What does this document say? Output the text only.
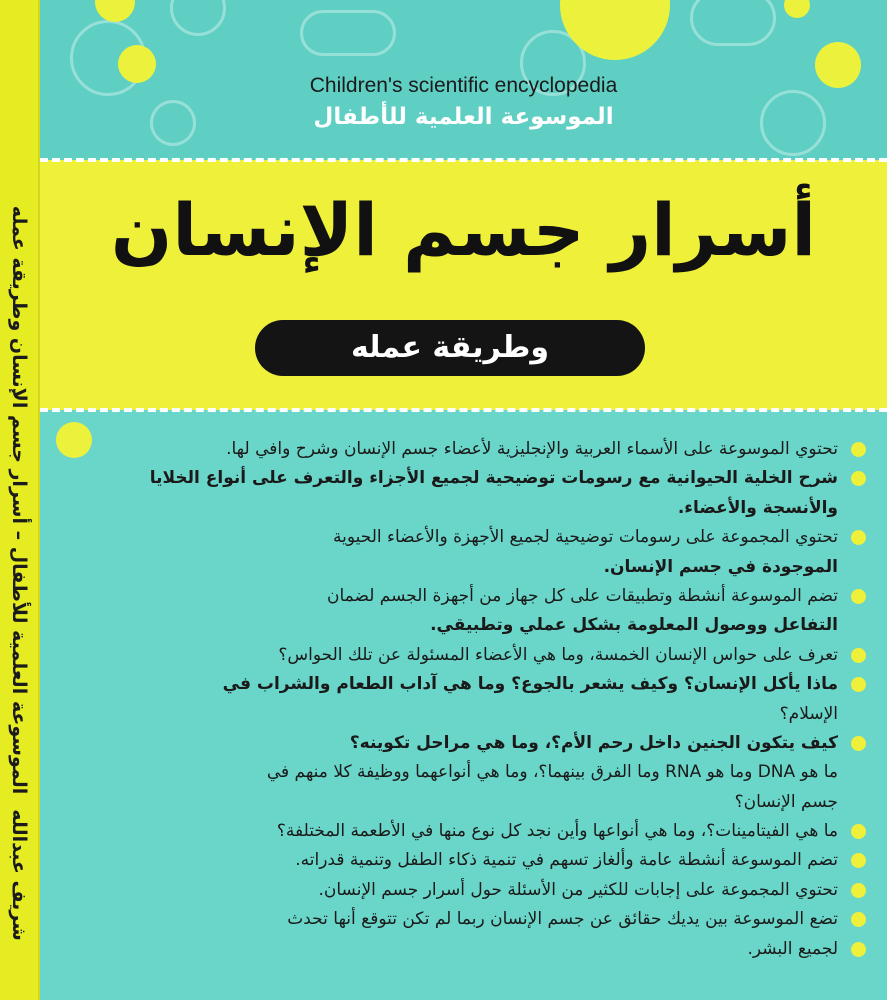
الموسوعة العلمية للأطفال – أسرار جسم الإنسان وطريقة عمله
شريف عبدالله
Children's scientific encyclopedia
الموسوعة العلمية للأطفال
أسرار جسم الإنسان
وطريقة عمله
تحتوي الموسوعة على الأسماء العربية والإنجليزية لأعضاء جسم الإنسان وشرح وافي لها.
شرح الخلية الحيوانية مع رسومات توضيحية لجميع الأجزاء والتعرف على أنواع الخلايا
والأنسجة والأعضاء.
تحتوي المجموعة على رسومات توضيحية لجميع الأجهزة والأعضاء الحيوية
الموجودة في جسم الإنسان.
تضم الموسوعة أنشطة وتطبيقات على كل جهاز من أجهزة الجسم لضمان
التفاعل ووصول المعلومة بشكل عملي وتطبيقي.
تعرف على حواس الإنسان الخمسة، وما هي الأعضاء المسئولة عن تلك الحواس؟
ماذا يأكل الإنسان؟ وكيف يشعر بالجوع؟ وما هي آداب الطعام والشراب في
الإسلام؟
كيف يتكون الجنين داخل رحم الأم؟، وما هي مراحل تكوينه؟
ما هو DNA وما هو RNA وما الفرق بينهما؟، وما هي أنواعهما ووظيفة كلا منهم في
جسم الإنسان؟
ما هي الفيتامينات؟، وما هي أنواعها وأين نجد كل نوع منها في الأطعمة المختلفة؟
تضم الموسوعة أنشطة عامة وألغاز تسهم في تنمية ذكاء الطفل وتنمية قدراته.
تحتوي المجموعة على إجابات للكثير من الأسئلة حول أسرار جسم الإنسان.
تضع الموسوعة بين يديك حقائق عن جسم الإنسان ربما لم تكن تتوقع أنها تحدث
لجميع البشر.
